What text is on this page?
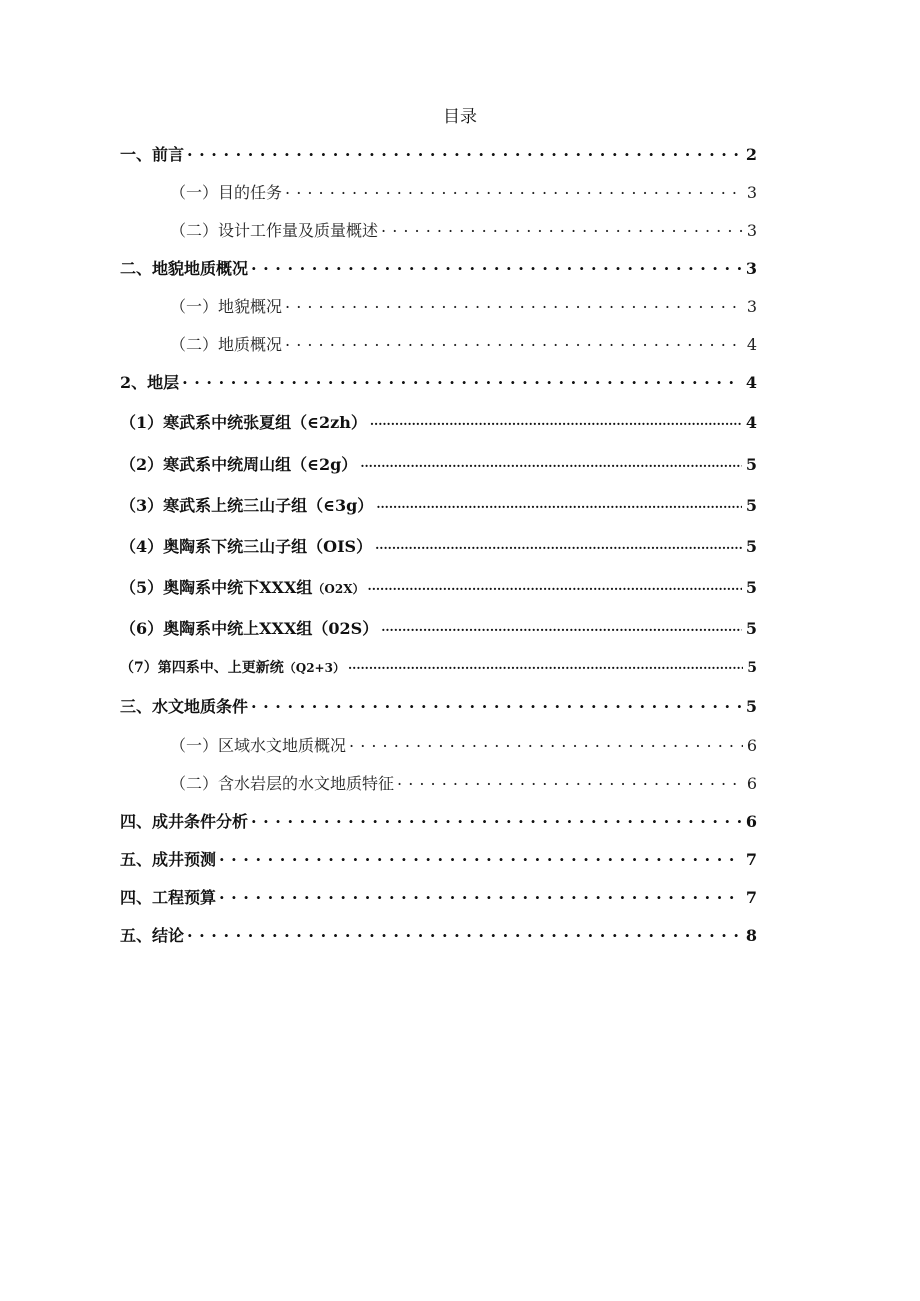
目录
一、前言 . . .	2
（一）目的任务 . . .	3
（二）设计工作量及质量概述 . . .	3
二、地貌地质概况 . . .	3
（一）地貌概况 . . .	3
（二）地质概况 . . .	4
2、地层 . . .	4
（1）寒武系中统张夏组（∈2zh） .....	4
（2）寒武系中统周山组（∈2g） .....	5
（3）寒武系上统三山子组（∈3g） .....	5
（4）奥陶系下统三山子组（OIS） .....	5
（5）奥陶系中统下XXX组（O2X） .....	5
（6）奥陶系中统上XXX组（02S） .....	5
（7）第四系中、上更新统（Q2+3） .....	5
三、水文地质条件 . . .	5
（一）区域水文地质概况 . . .	6
（二）含水岩层的水文地质特征 . . .	6
四、成井条件分析 . . .	6
五、成井预测 . . .	7
四、工程预算 . . .	7
五、结论 . . .	8
